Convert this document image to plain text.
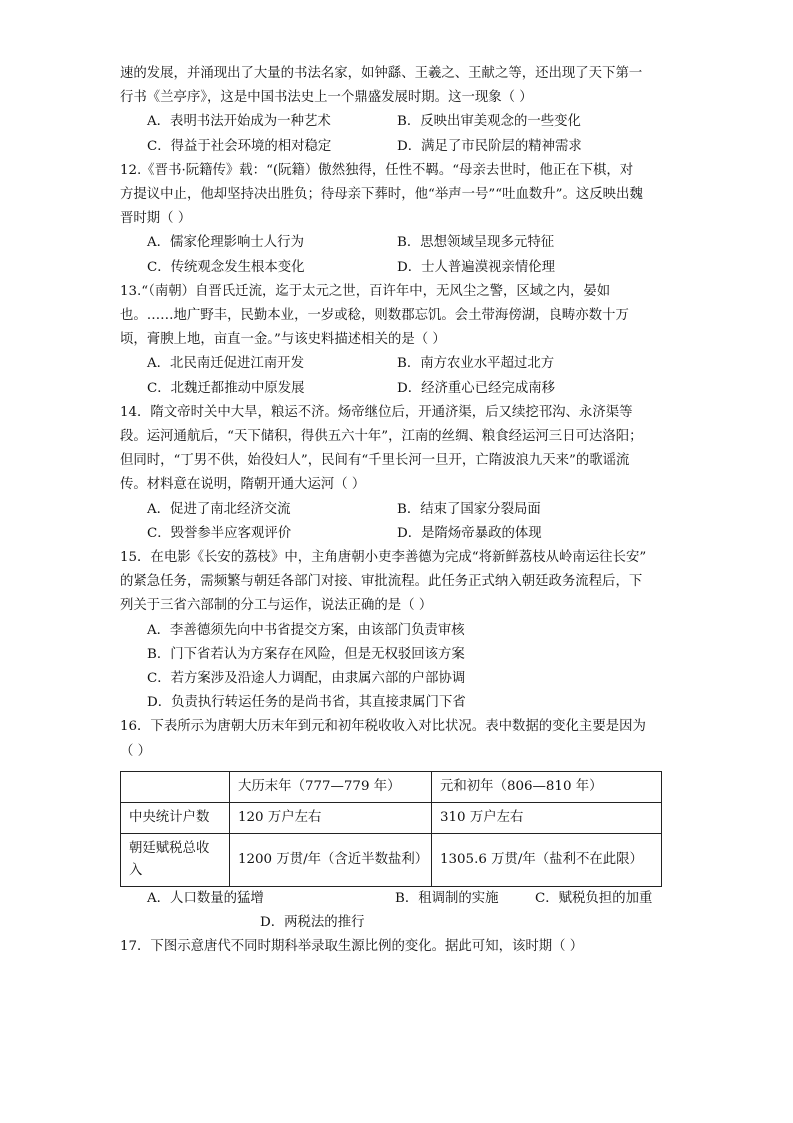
速的发展，并涌现出了大量的书法名家，如钟繇、王羲之、王献之等，还出现了天下第一

行书《兰亭序》，这是中国书法史上一个鼎盛发展时期。这一现象（ ）

A．表明书法开始成为一种艺术	B．反映出审美观念的一些变化
C．得益于社会环境的相对稳定	D．满足了市民阶层的精神需求

12.《晋书·阮籍传》载：“(阮籍）傲然独得，任性不羁。“母亲去世时，他正在下棋，对

方提议中止，他却坚持决出胜负；待母亲下葬时，他“举声一号”“吐血数升”。这反映出魏

晋时期（ ）

A．儒家伦理影响士人行为	B．思想领域呈现多元特征
C．传统观念发生根本变化	D．士人普遍漠视亲情伦理

13.“（南朝）自晋氏迁流，迄于太元之世，百许年中，无风尘之警，区域之内，晏如

也。……地广野丰，民勤本业，一岁或稔，则数郡忘饥。会土带海傍湖，良畴亦数十万

顷，膏腴上地，亩直一金。”与该史料描述相关的是（ ）

A．北民南迁促进江南开发	B．南方农业水平超过北方
C．北魏迁都推动中原发展	D．经济重心已经完成南移

14．隋文帝时关中大旱，粮运不济。炀帝继位后，开通济渠，后又续挖邗沟、永济渠等

段。运河通航后，“天下储积，得供五六十年”，江南的丝绸、粮食经运河三日可达洛阳；

但同时，“丁男不供，始役妇人”，民间有“千里长河一旦开，亡隋波浪九天来”的歌谣流

传。材料意在说明，隋朝开通大运河（ ）

A．促进了南北经济交流	B．结束了国家分裂局面
C．毁誉参半应客观评价	D．是隋炀帝暴政的体现

15．在电影《长安的荔枝》中，主角唐朝小吏李善德为完成“将新鲜荔枝从岭南运往长安”

的紧急任务，需频繁与朝廷各部门对接、审批流程。此任务正式纳入朝廷政务流程后，下

列关于三省六部制的分工与运作，说法正确的是（ ）

A．李善德须先向中书省提交方案，由该部门负责审核
B．门下省若认为方案存在风险，但是无权驳回该方案
C．若方案涉及沿途人力调配，由隶属六部的户部协调
D．负责执行转运任务的是尚书省，其直接隶属门下省

16．下表所示为唐朝大历末年到元和初年税收收入对比状况。表中数据的变化主要是因为

（ ）

	大历末年（777—779 年）	元和初年（806—810 年）
中央统计户数	120 万户左右	310 万户左右
朝廷赋税总收入	1200 万贯/年（含近半数盐利）	1305.6 万贯/年（盐利不在此限）
A．人口数量的猛增	B．租调制的实施	C．赋税负担的加重
D．两税法的推行

17．下图示意唐代不同时期科举录取生源比例的变化。据此可知，该时期（ ）
